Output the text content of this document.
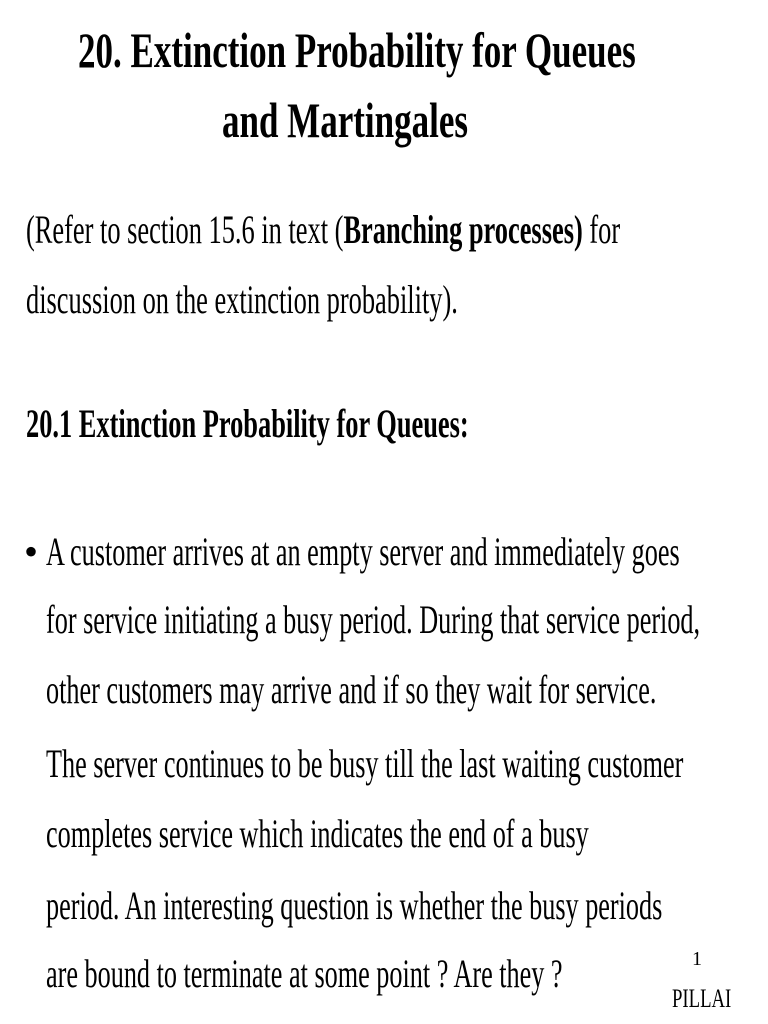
20. Extinction Probability for Queues
and Martingales
(Refer to section 15.6 in text (Branching processes) for
discussion on the extinction probability).
20.1 Extinction Probability for Queues:
• A customer arrives at an empty server and immediately goes
for service initiating a busy period. During that service period,
other customers may arrive and if so they wait for service.
The server continues to be busy till the last waiting customer
completes service which indicates the end of a busy
period. An interesting question is whether the busy periods
are bound to terminate at some point ? Are they ?	1
PILLAI
